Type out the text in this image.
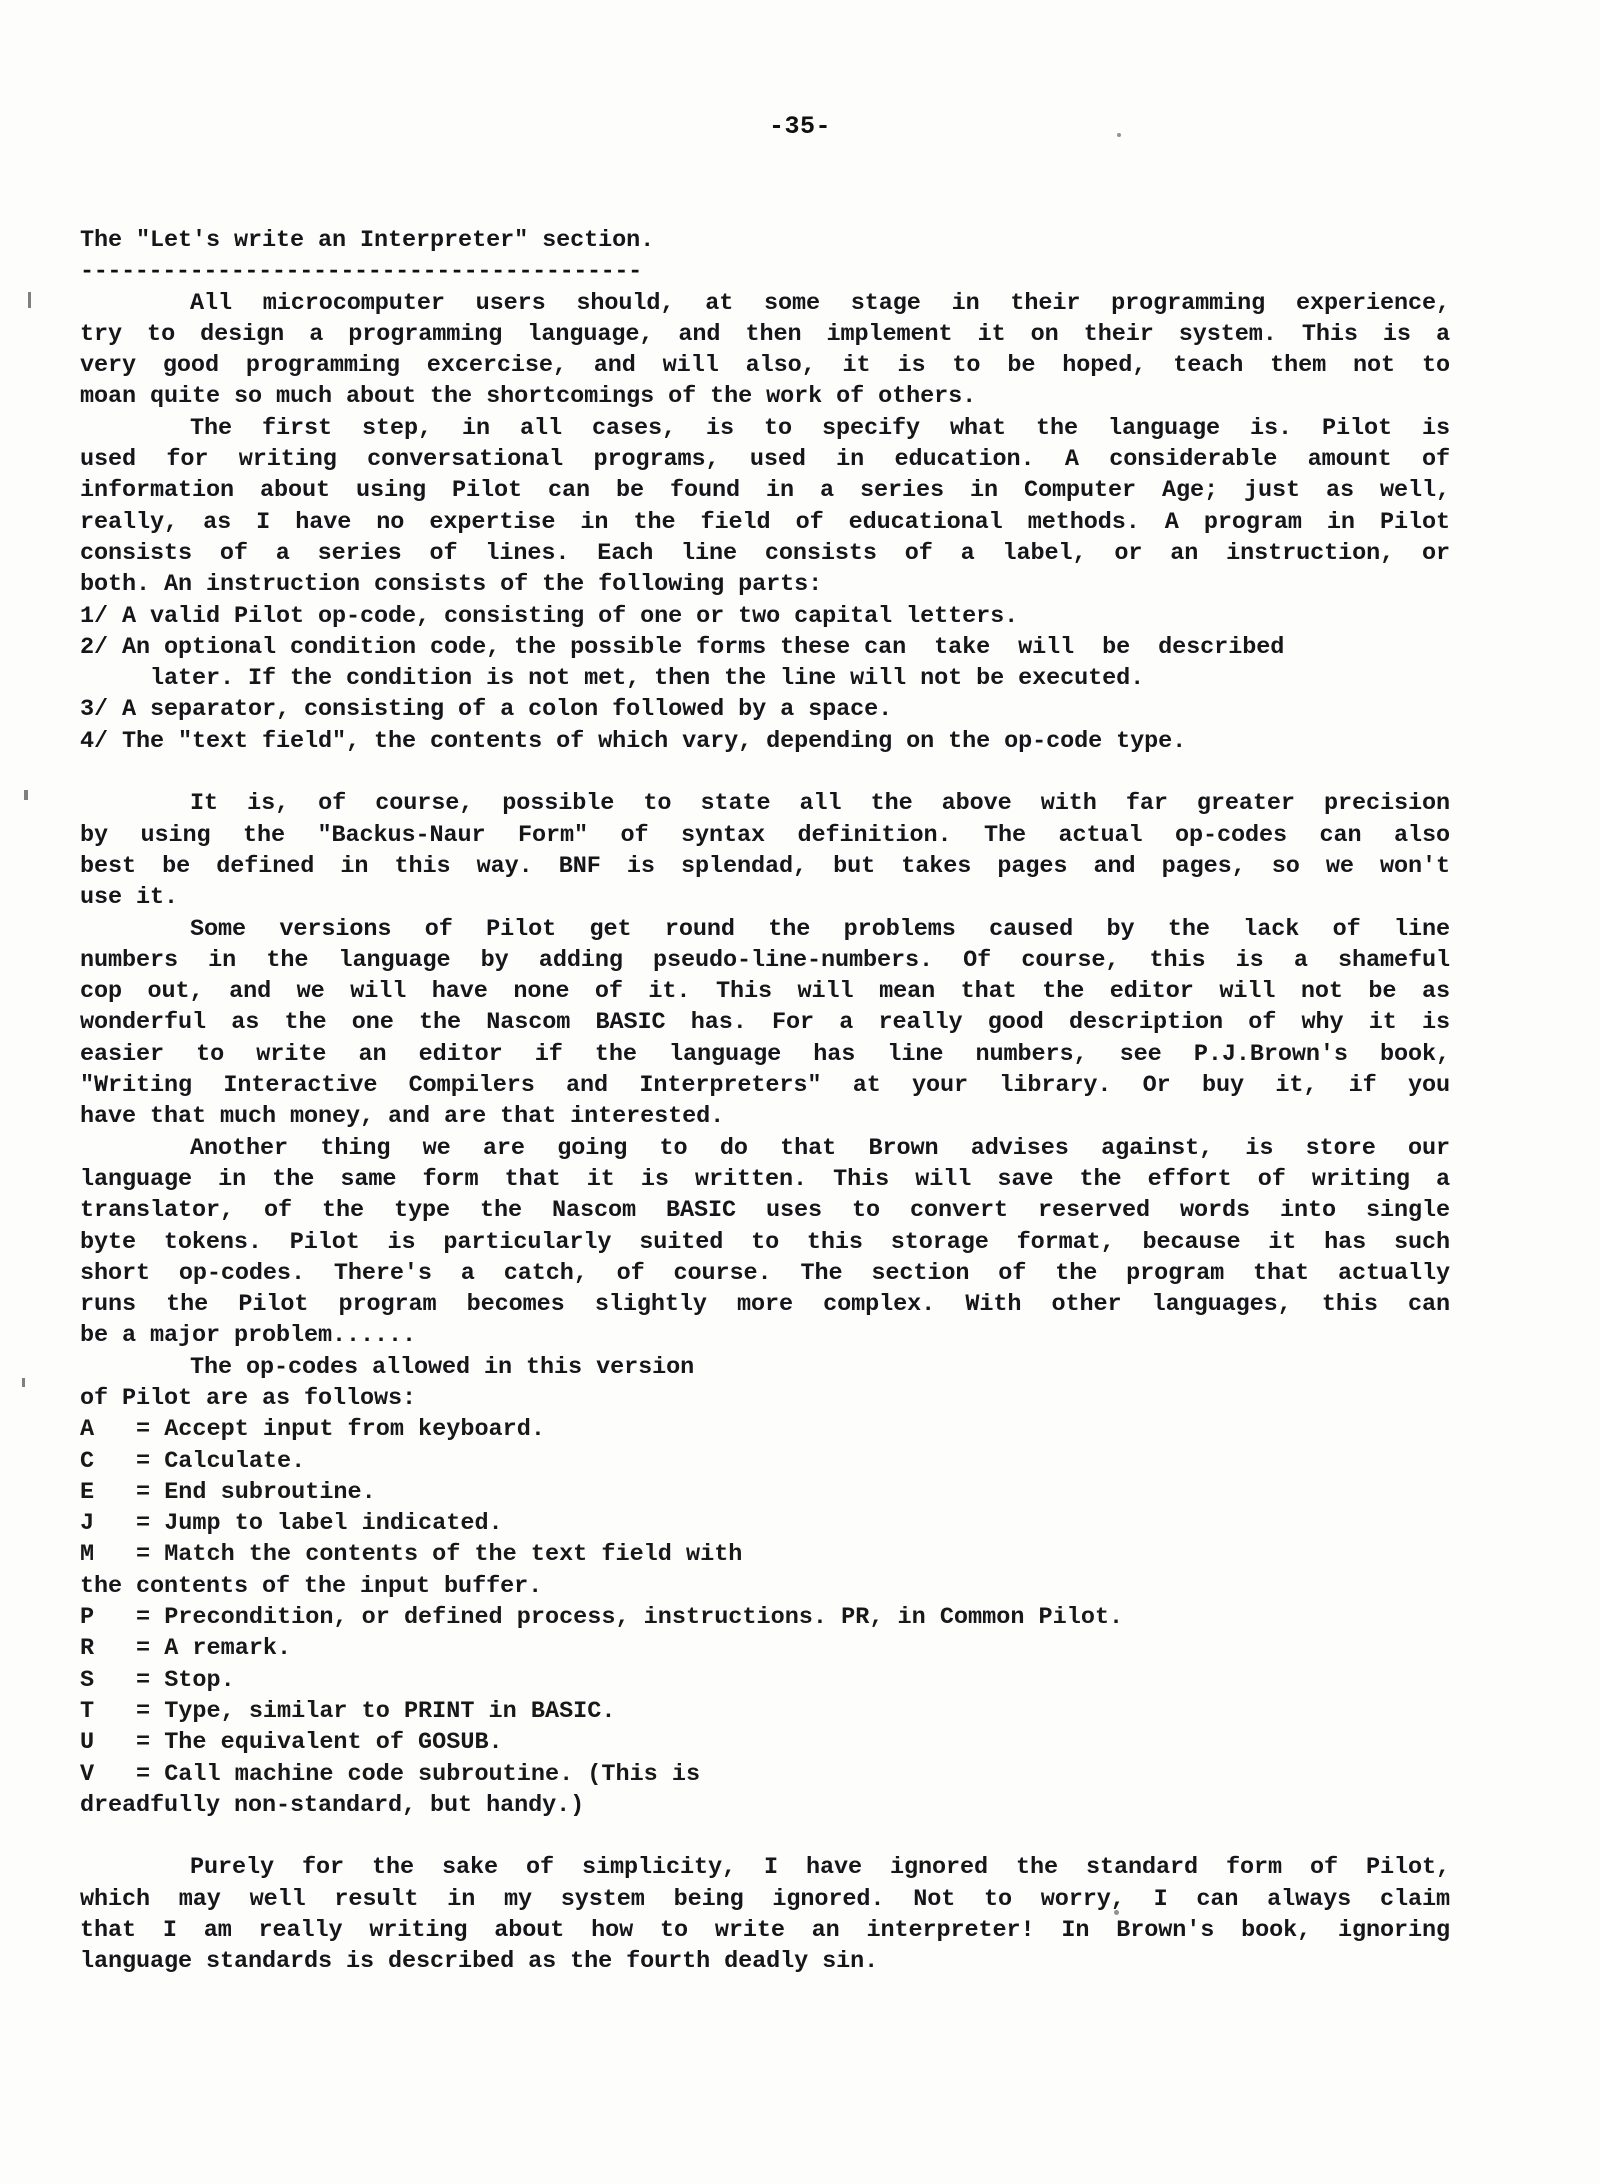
-35-
The "Let's write an Interpreter" section.
-----------------------------------------
All microcomputer users should, at some stage in their programming experience,
try to design a programming language, and then implement it on their system. This is a
very good programming excercise, and will also, it is to be hoped, teach them not to
moan quite so much about the shortcomings of the work of others.
The first step, in all cases, is to specify what the language is. Pilot is
used for writing conversational programs, used in education. A considerable amount of
information about using Pilot can be found in a series in Computer Age; just as well,
really, as I have no expertise in the field of educational methods. A program in Pilot
consists of a series of lines. Each line consists of a label, or an instruction, or
both. An instruction consists of the following parts:
1/ A valid Pilot op-code, consisting of one or two capital letters.
2/ An optional condition code, the possible forms these can  take  will  be  described
later. If the condition is not met, then the line will not be executed.
3/ A separator, consisting of a colon followed by a space.
4/ The "text field", the contents of which vary, depending on the op-code type.
It is, of course, possible to state all the above with far greater precision
by using the "Backus-Naur Form" of syntax definition. The actual op-codes can also
best be defined in this way. BNF is splendad, but takes pages and pages, so we won't
use it.
Some versions of Pilot get round the problems caused by the lack of line
numbers in the language by adding pseudo-line-numbers. Of course, this is a shameful
cop out, and we will have none of it. This will mean that the editor will not be as
wonderful as the one the Nascom BASIC has. For a really good description of why it is
easier to write an editor if the language has line numbers, see P.J.Brown's book,
"Writing Interactive Compilers and Interpreters" at your library. Or buy it, if you
have that much money, and are that interested.
Another thing we are going to do that Brown advises against, is store our
language in the same form that it is written. This will save the effort of writing a
translator, of the type the Nascom BASIC uses to convert reserved words into single
byte tokens. Pilot is particularly suited to this storage format, because it has such
short op-codes. There's a catch, of course. The section of the program that actually
runs the Pilot program becomes slightly more complex. With other languages, this can
be a major problem......
The op-codes allowed in this version
of Pilot are as follows:
A	= Accept input from keyboard.
C	= Calculate.
E	= End subroutine.
J	= Jump to label indicated.
M	= Match the contents of the text field with
the contents of the input buffer.
P	= Precondition, or defined process, instructions. PR, in Common Pilot.
R	= A remark.
S	= Stop.
T	= Type, similar to PRINT in BASIC.
U	= The equivalent of GOSUB.
V	= Call machine code subroutine. (This is
dreadfully non-standard, but handy.)
Purely for the sake of simplicity, I have ignored the standard form of Pilot,
which may well result in my system being ignored. Not to worry, I can always claim
that I am really writing about how to write an interpreter! In Brown's book, ignoring
language standards is described as the fourth deadly sin.
